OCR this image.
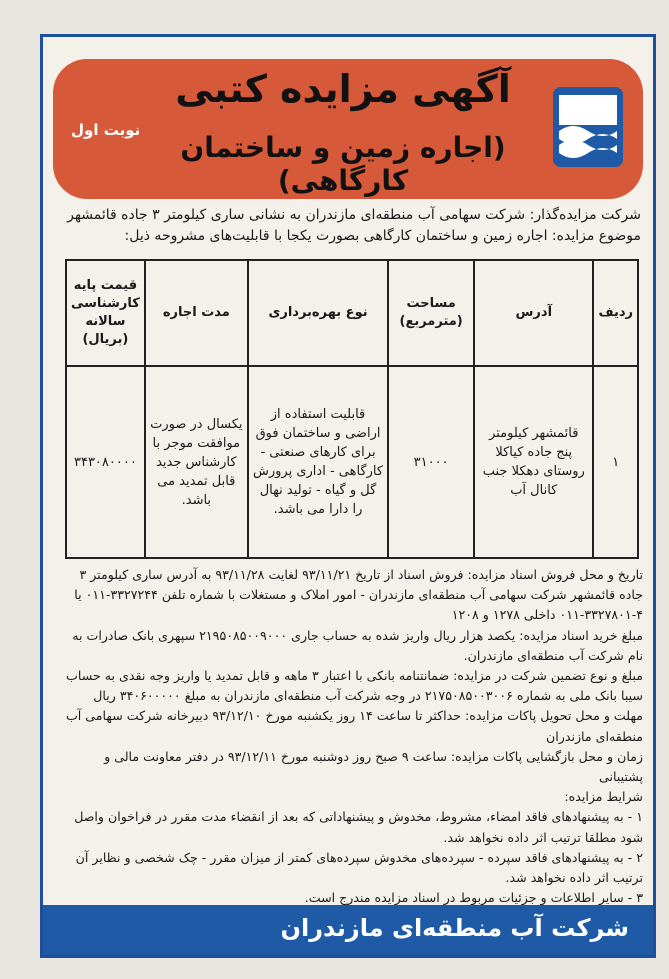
آگهی مزایده کتبی
(اجاره زمین و ساختمان کارگاهی)
نوبت اول
شرکت مزایده‌گذار: شرکت سهامی آب منطقه‌ای مازندران به نشانی ساری کیلومتر ۳ جاده قائمشهر
موضوع مزایده: اجاره زمین و ساختمان کارگاهی بصورت یکجا با قابلیت‌های مشروحه ذیل:
ردیف	آدرس	مساحت (مترمربع)	نوع بهره‌برداری	مدت اجاره	قیمت پایه کارشناسی سالانه (بریال)
۱	قائمشهر کیلومتر پنج جاده کیاکلا روستای دهکلا جنب کانال آب	۳۱۰۰۰	قابلیت استفاده از اراضی و ساختمان فوق برای کارهای صنعتی - کارگاهی - اداری پرورش گل و گیاه - تولید نهال را دارا می باشد.	یکسال در صورت موافقت موجر با کارشناس جدید قابل تمدید می باشد.	۳۴۳۰۸۰۰۰۰

تاریخ و محل فروش اسناد مزایده: فروش اسناد از تاریخ ۹۳/۱۱/۲۱ لغایت ۹۳/۱۱/۲۸ به آدرس ساری کیلومتر ۳ جاده قائمشهر شرکت سهامی آب منطقه‌ای مازندران - امور املاک و مستغلات با شماره تلفن ۳۳۲۷۲۴۴-۰۱۱ یا ۴-۳۳۲۷۸۰۱-۰۱۱ داخلی ۱۲۷۸ و ۱۲۰۸

مبلغ خرید اسناد مزایده: یکصد هزار ریال واریز شده به حساب جاری ۲۱۹۵۰۸۵۰۰۹۰۰۰ سپهری بانک صادرات به نام شرکت آب منطقه‌ای مازندران.

مبلغ و نوع تضمین شرکت در مزایده: ضمانتنامه بانکی با اعتبار ۳ ماهه و قابل تمدید یا واریز وجه نقدی به حساب سیبا بانک ملی به شماره ۲۱۷۵۰۸۵۰۰۳۰۰۶ در وجه شرکت آب منطقه‌ای مازندران به مبلغ ۳۴۰۶۰۰۰۰۰ ریال

مهلت و محل تحویل پاکات مزایده: حداکثر تا ساعت ۱۴ روز یکشنبه مورخ ۹۳/۱۲/۱۰ دبیرخانه شرکت سهامی آب منطقه‌ای مازندران

زمان و محل بازگشایی پاکات مزایده: ساعت ۹ صبح روز دوشنبه مورخ ۹۳/۱۲/۱۱ در دفتر معاونت مالی و پشتیبانی

شرایط مزایده:

۱ - به پیشنهادهای فاقد امضاء، مشروط، مخدوش و پیشنهاداتی که بعد از انقضاء مدت مقرر در فراخوان واصل شود مطلقا ترتیب اثر داده نخواهد شد.

۲ - به پیشنهادهای فاقد سپرده - سپرده‌های مخدوش سپرده‌های کمتر از میزان مقرر - چک شخصی و نظایر آن ترتیب اثر داده نخواهد شد.

۳ - سایر اطلاعات و جزئیات مربوط در اسناد مزایده مندرج است.

شرکت آب منطقه‌ای مازندران
